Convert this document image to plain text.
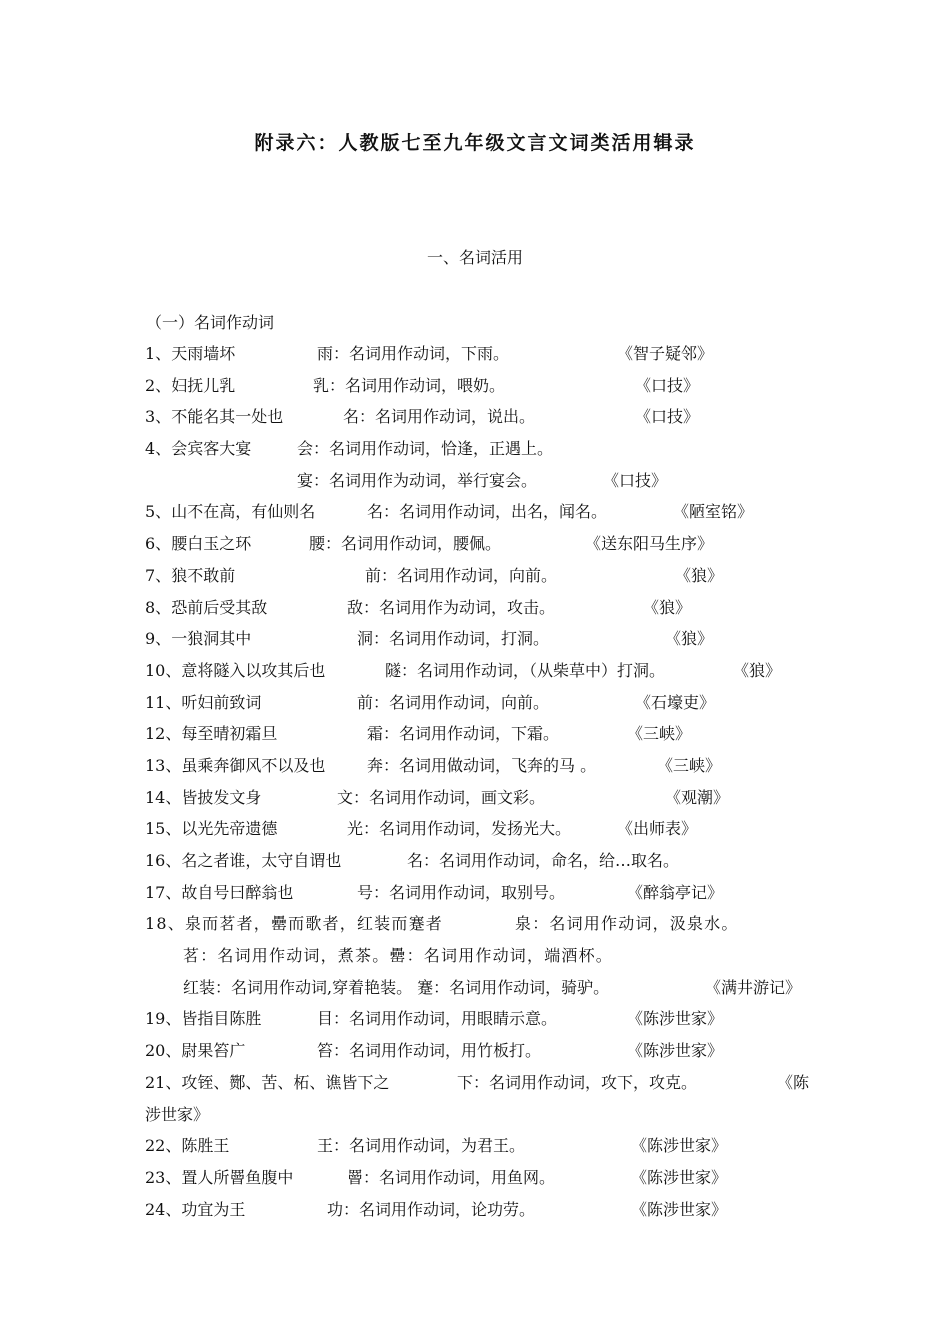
附录六：人教版七至九年级文言文词类活用辑录
一、名词活用
（一）名词作动词
1、天雨墙坏	雨：名词用作动词，下雨。	《智子疑邻》
2、妇抚儿乳	乳：名词用作动词，喂奶。	《口技》
3、不能名其一处也	名：名词用作动词，说出。	《口技》
4、会宾客大宴	会：名词用作动词，恰逢，正遇上。
宴：名词用作为动词，举行宴会。	《口技》
5、山不在高，有仙则名	名：名词用作动词，出名，闻名。	《陋室铭》
6、腰白玉之环	腰：名词用作动词，腰佩。	《送东阳马生序》
7、狼不敢前	前：名词用作动词，向前。	《狼》
8、恐前后受其敌	敌：名词用作为动词，攻击。	《狼》
9、一狼洞其中	洞：名词用作动词，打洞。	《狼》
10、意将隧入以攻其后也	隧：名词用作动词，（从柴草中）打洞。	《狼》
11、听妇前致词	前：名词用作动词，向前。	《石壕吏》
12、每至晴初霜旦	霜：名词用作动词，下霜。	《三峡》
13、虽乘奔御风不以及也	奔：名词用做动词，飞奔的马 。	《三峡》
14、皆披发文身	文：名词用作动词，画文彩。	《观潮》
15、以光先帝遗德	光：名词用作动词，发扬光大。	《出师表》
16、名之者谁，太守自谓也	名：名词用作动词，命名，给…取名。
17、故自号曰醉翁也	号：名词用作动词，取别号。	《醉翁亭记》
18、泉而茗者，罍而歌者，红装而蹇者	泉：名词用作动词，汲泉水。
茗：名词用作动词，煮茶。罍：名词用作动词，端酒杯。
红装：名词用作动词,穿着艳装。 蹇：名词用作动词，骑驴。	《满井游记》
19、皆指目陈胜	目：名词用作动词，用眼睛示意。	《陈涉世家》
20、尉果笞广	笞：名词用作动词，用竹板打。	《陈涉世家》
21、攻铚、酂、苦、柘、谯皆下之	下：名词用作动词，攻下，攻克。	《陈
涉世家》
22、陈胜王	王：名词用作动词，为君王。	《陈涉世家》
23、置人所罾鱼腹中	罾：名词用作动词，用鱼网。	《陈涉世家》
24、功宜为王	功：名词用作动词，论功劳。	《陈涉世家》
